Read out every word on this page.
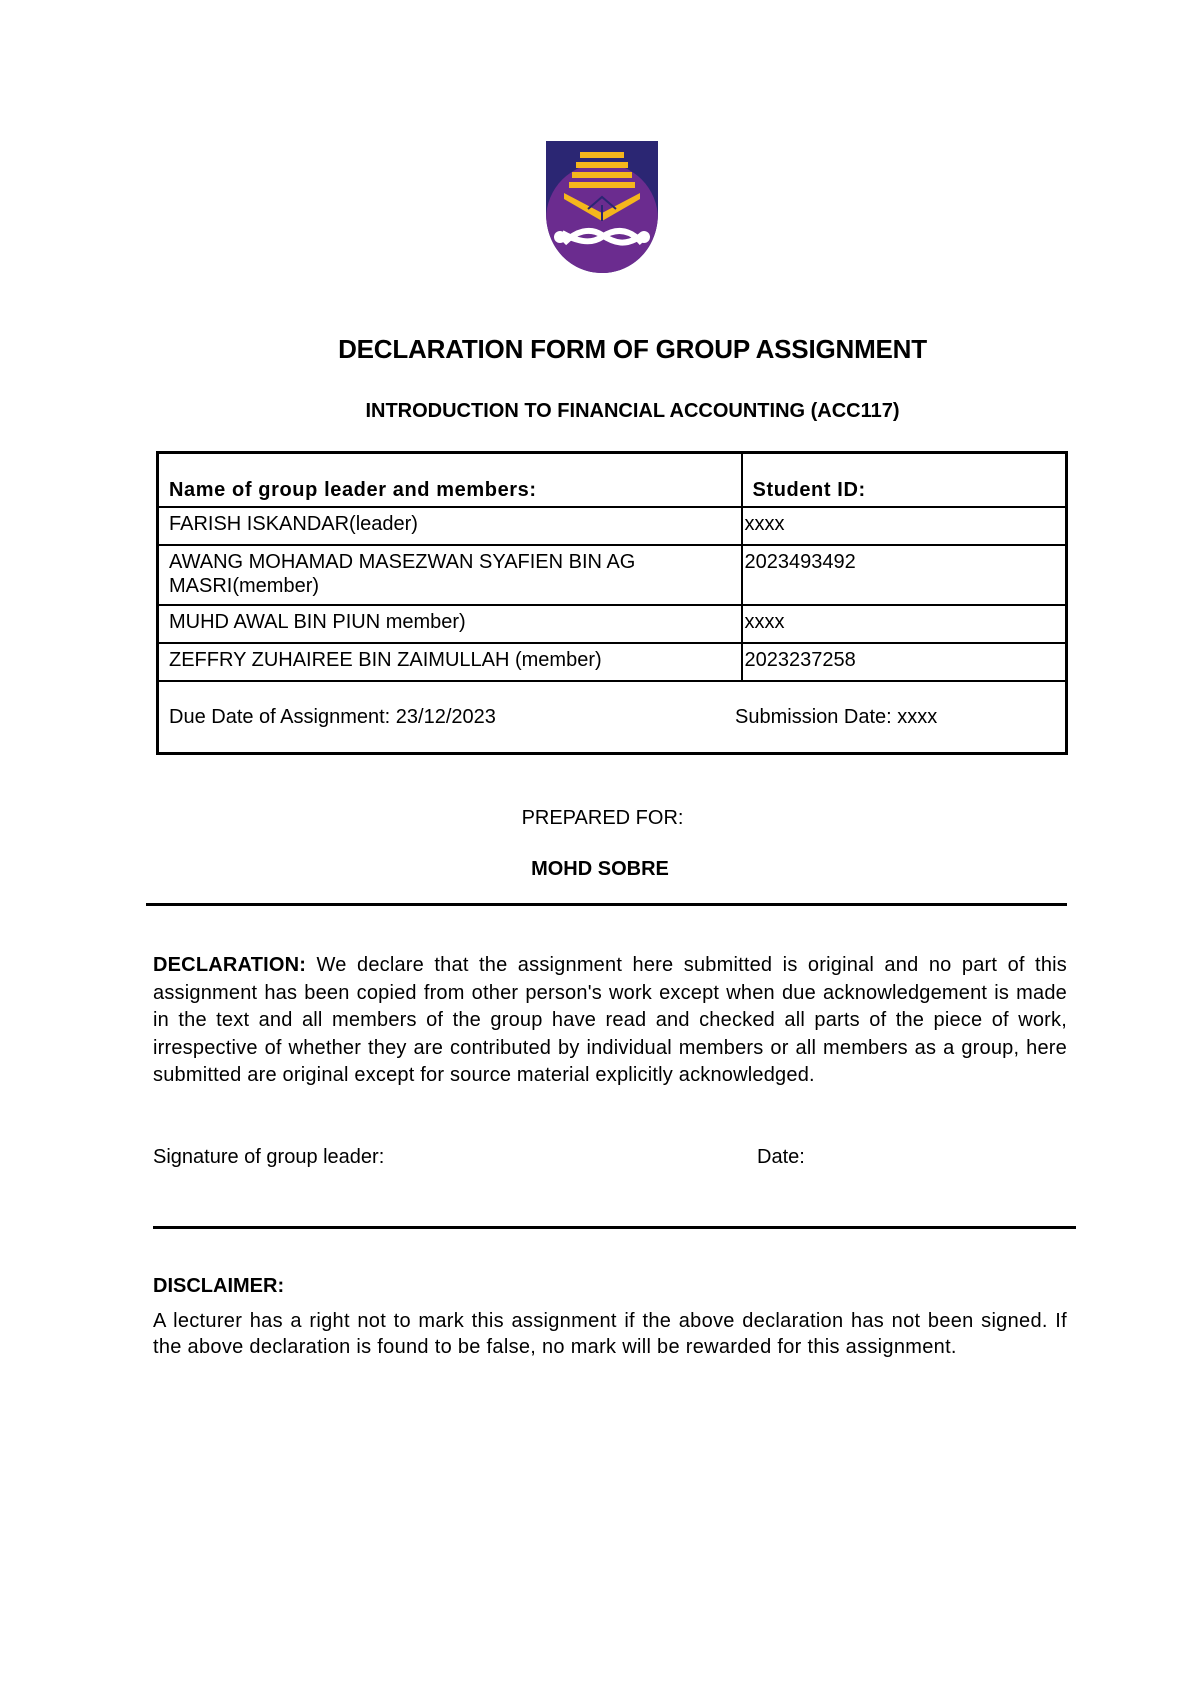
DECLARATION FORM OF GROUP ASSIGNMENT
INTRODUCTION TO FINANCIAL ACCOUNTING (ACC117)
Name of group leader and members:	Student ID:
FARISH ISKANDAR(leader)	xxxx
AWANG MOHAMAD MASEZWAN SYAFIEN BIN AG MASRI(member)	2023493492
MUHD AWAL BIN PIUN member)	xxxx
ZEFFRY ZUHAIREE BIN ZAIMULLAH (member)	2023237258

Due Date of Assignment: 23/12/2023 Submission Date: xxxx	
PREPARED FOR:
MOHD SOBRE
DECLARATION: We declare that the assignment here submitted is original and no part of this assignment has been copied from other person's work except when due acknowledgement is made in the text and all members of the group have read and checked all parts of the piece of work, irrespective of whether they are contributed by individual members or all members as a group, here submitted are original except for source material explicitly acknowledged.
Signature of group leader:	Date:
DISCLAIMER:
A lecturer has a right not to mark this assignment if the above declaration has not been signed. If the above declaration is found to be false, no mark will be rewarded for this assignment.
